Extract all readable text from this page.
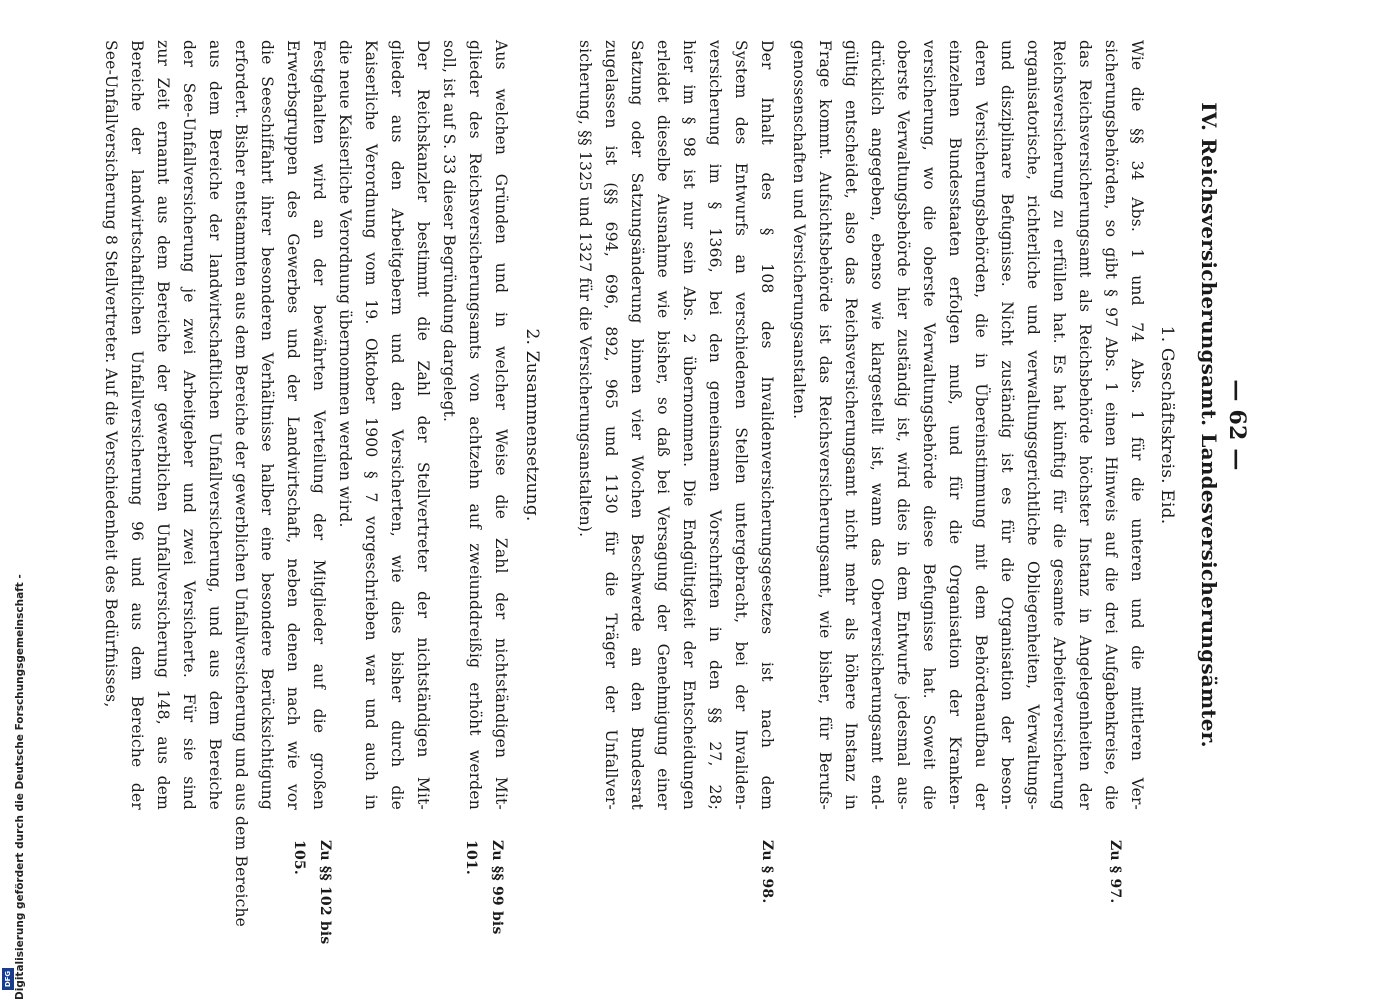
— 62 —
IV. Reichsversicherungsamt. Landesversicherungsämter.
1. Geschäftskreis. Eid.
Wie die §§ 34 Abs. 1 und 74 Abs. 1 für die unteren und die mittleren Ver-
sicherungsbehörden, so gibt § 97 Abs. 1 einen Hinweis auf die drei Aufgabenkreise, die
das Reichsversicherungsamt als Reichsbehörde höchster Instanz in Angelegenheiten der
Reichsversicherung zu erfüllen hat. Es hat künftig für die gesamte Arbeiterversicherung
organisatorische, richterliche und verwaltungsgerichtliche Obliegenheiten, Verwaltungs-
und disziplinare Befugnisse. Nicht zuständig ist es für die Organisation der beson-
deren Versicherungsbehörden, die in Übereinstimmung mit dem Behördenaufbau der
einzelnen Bundesstaaten erfolgen muß, und für die Organisation der Kranken-
versicherung, wo die oberste Verwaltungsbehörde diese Befugnisse hat. Soweit die
oberste Verwaltungsbehörde hier zuständig ist, wird dies in dem Entwurfe jedesmal aus-
drücklich angegeben, ebenso wie klargestellt ist, wann das Oberversicherungsamt end-
gültig entscheidet, also das Reichsversicherungsamt nicht mehr als höhere Instanz in
Frage kommt. Aufsichtsbehörde ist das Reichsversicherungsamt, wie bisher, für Berufs-
genossenschaften und Versicherungsanstalten.
Zu § 97.
Der Inhalt des § 108 des Invalidenversicherungsgesetzes ist nach dem
System des Entwurfs an verschiedenen Stellen untergebracht, bei der Invaliden-
versicherung im § 1366, bei den gemeinsamen Vorschriften in den §§ 27, 28;
hier im § 98 ist nur sein Abs. 2 übernommen. Die Endgültigkeit der Entscheidungen
erleidet dieselbe Ausnahme wie bisher, so daß bei Versagung der Genehmigung einer
Satzung oder Satzungsänderung binnen vier Wochen Beschwerde an den Bundesrat
zugelassen ist (§§ 694, 696, 892, 965 und 1130 für die Träger der Unfallver-
sicherung, §§ 1325 und 1327 für die Versicherungsanstalten).
Zu § 98.
2. Zusammensetzung.
Aus welchen Gründen und in welcher Weise die Zahl der nichtständigen Mit-
glieder des Reichsversicherungsamts von achtzehn auf zweiunddreißig erhöht werden
soll, ist auf S. 33 dieser Begründung dargelegt.
Zu §§ 99 bis 101.
Der Reichskanzler bestimmt die Zahl der Stellvertreter der nichtständigen Mit-
glieder aus den Arbeitgebern und den Versicherten, wie dies bisher durch die
Kaiserliche Verordnung vom 19. Oktober 1900 § 7 vorgeschrieben war und auch in
die neue Kaiserliche Verordnung übernommen werden wird.
Festgehalten wird an der bewährten Verteilung der Mitglieder auf die großen
Erwerbsgruppen des Gewerbes und der Landwirtschaft, neben denen nach wie vor
die Seeschiffahrt ihrer besonderen Verhältnisse halber eine besondere Berücksichtigung
erfordert. Bisher entstammten aus dem Bereiche der gewerblichen Unfallversicherung und aus dem Bereiche
aus dem Bereiche der landwirtschaftlichen Unfallversicherung, und aus dem Bereiche
der See-Unfallversicherung je zwei Arbeitgeber und zwei Versicherte. Für sie sind
zur Zeit ernannt aus dem Bereiche der gewerblichen Unfallversicherung 148, aus dem
Bereiche der landwirtschaftlichen Unfallversicherung 96 und aus dem Bereiche der
See-Unfallversicherung 8 Stellvertreter. Auf die Verschiedenheit des Bedürfnisses,
Zu §§ 102 bis 105.
Digitalisierung gefördert durch die Deutsche Forschungsgemeinschaft -
DFG
